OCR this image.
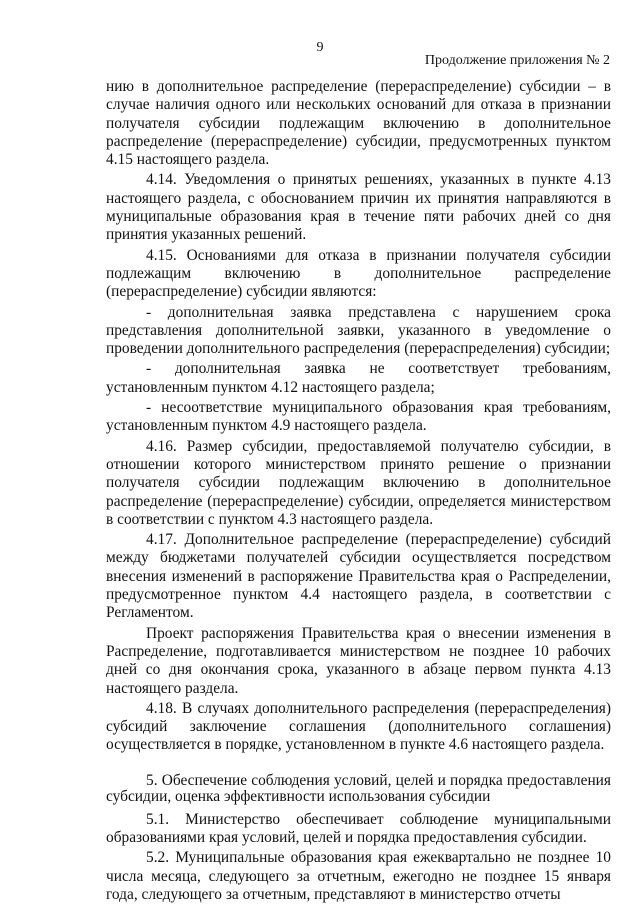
9
Продолжение приложения № 2

нию в дополнительное распределение (перераспределение) субсидии – в случае наличия одного или нескольких оснований для отказа в признании получателя субсидии подлежащим включению в дополнительное распределение (перераспределение) субсидии, предусмотренных пунктом 4.15 настоящего раздела.

4.14. Уведомления о принятых решениях, указанных в пункте 4.13 настоящего раздела, с обоснованием причин их принятия направляются в муниципальные образования края в течение пяти рабочих дней со дня принятия указанных решений.

4.15. Основаниями для отказа в признании получателя субсидии подлежащим включению в дополнительное распределение (перераспределение) субсидии являются:

- дополнительная заявка представлена с нарушением срока представления дополнительной заявки, указанного в уведомление о проведении дополнительного распределения (перераспределения) субсидии;

- дополнительная заявка не соответствует требованиям, установленным пунктом 4.12 настоящего раздела;

- несоответствие муниципального образования края требованиям, установленным пунктом 4.9 настоящего раздела.

4.16. Размер субсидии, предоставляемой получателю субсидии, в отношении которого министерством принято решение о признании получателя субсидии подлежащим включению в дополнительное распределение (перераспределение) субсидии, определяется министерством в соответствии с пунктом 4.3 настоящего раздела.

4.17. Дополнительное распределение (перераспределение) субсидий между бюджетами получателей субсидии осуществляется посредством внесения изменений в распоряжение Правительства края о Распределении, предусмотренное пунктом 4.4 настоящего раздела, в соответствии с Регламентом.

Проект распоряжения Правительства края о внесении изменения в Распределение, подготавливается министерством не позднее 10 рабочих дней со дня окончания срока, указанного в абзаце первом пункта 4.13 настоящего раздела.

4.18. В случаях дополнительного распределения (перераспределения) субсидий заключение соглашения (дополнительного соглашения) осуществляется в порядке, установленном в пункте 4.6 настоящего раздела.

5. Обеспечение соблюдения условий, целей и порядка предоставления субсидии, оценка эффективности использования субсидии

5.1. Министерство обеспечивает соблюдение муниципальными образованиями края условий, целей и порядка предоставления субсидии.

5.2. Муниципальные образования края ежеквартально не позднее 10 числа месяца, следующего за отчетным, ежегодно не позднее 15 января года, следующего за отчетным, представляют в министерство отчеты
